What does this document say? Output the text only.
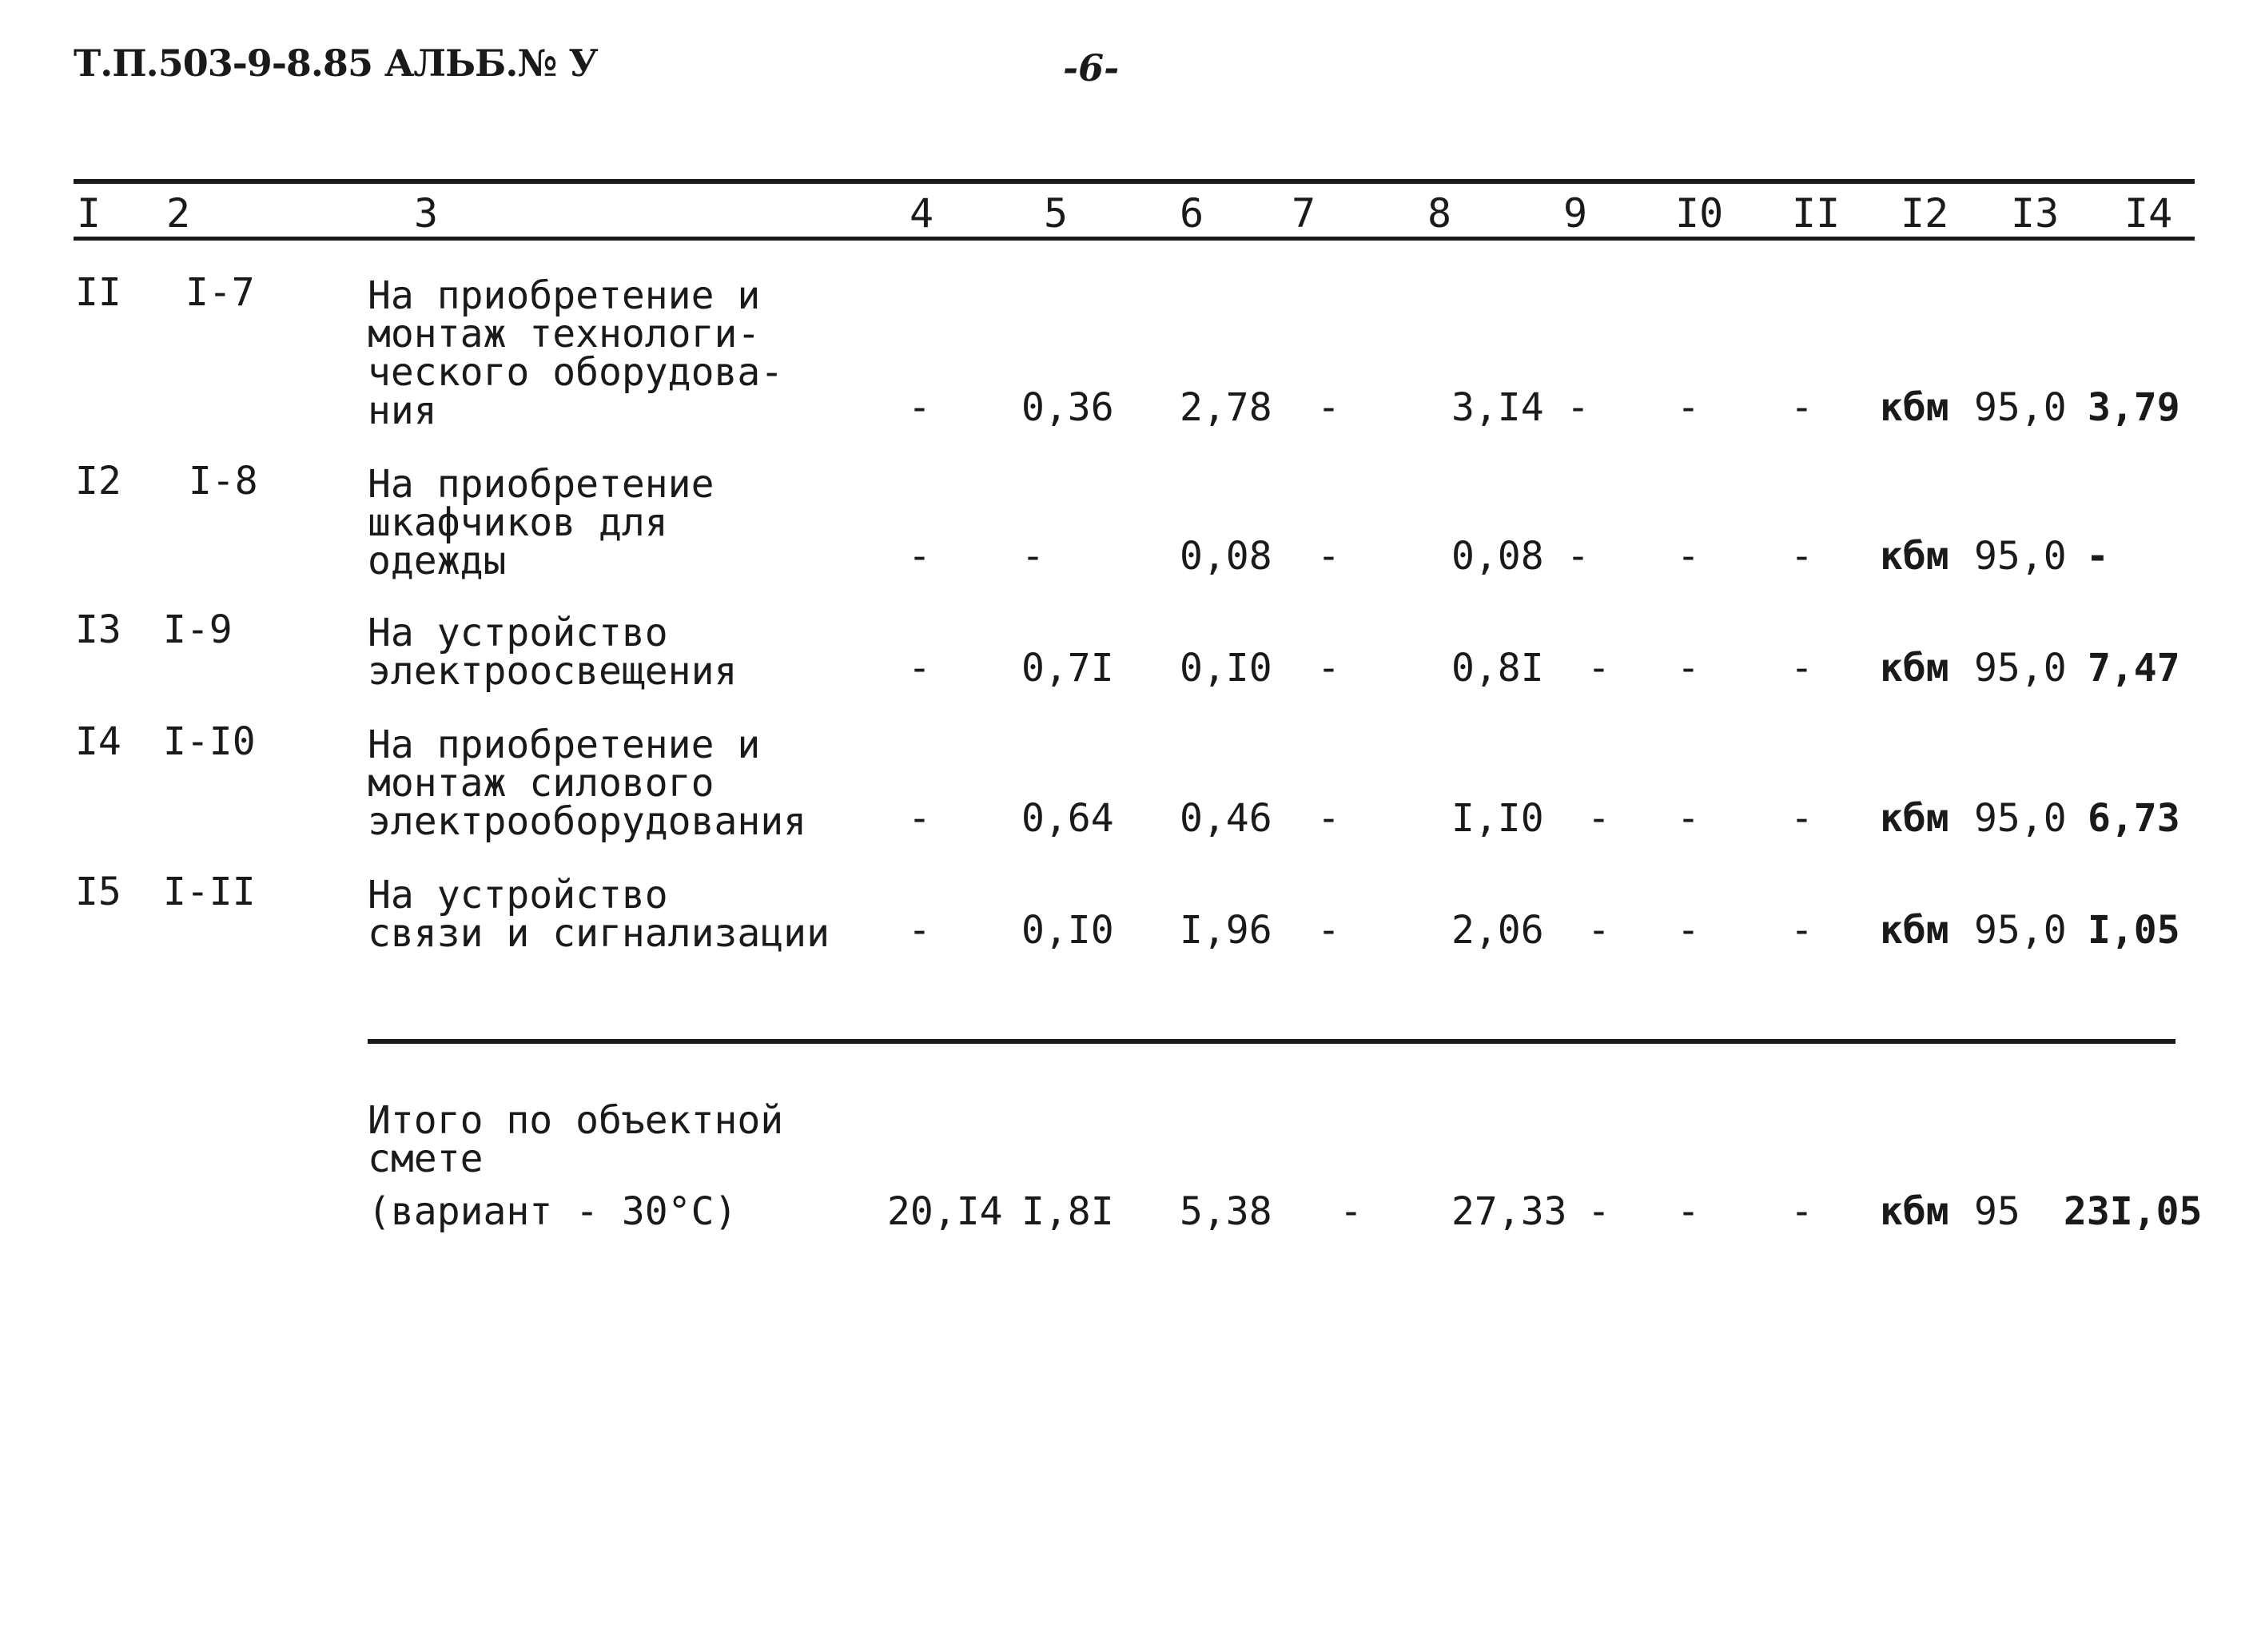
Т.П.503-9-8.85 АЛЬБ.№ У	-6-
I 2	3	4	5	6 7	8	9 I0 II I2 I3 I4
II I-7	На приобретение и
монтаж технологи-
ческого оборудова-
ния	- 0,36 2,78 -	3,I4 - - - кбм 95,0 3,79
I2 I-8	На приобретение
шкафчиков для
одежды	- -	0,08 -	0,08 - - - кбм 95,0 -
I3 I-9	На устройство
электроосвещения	- 0,7I 0,I0 -	0,8I - - - кбм 95,0 7,47
I4 I-I0	На приобретение и
монтаж силового
электрооборудования	- 0,64 0,46 -	I,I0 - - - кбм 95,0 6,73
I5 I-II	На устройство
связи и сигнализации - 0,I0 I,96 -	2,06 - - - кбм 95,0 I,05
Итого по объектной
смете
(вариант - 30°С)	20,I4 I,8I 5,38 - 27,33 - - - кбм 95 23I,05
